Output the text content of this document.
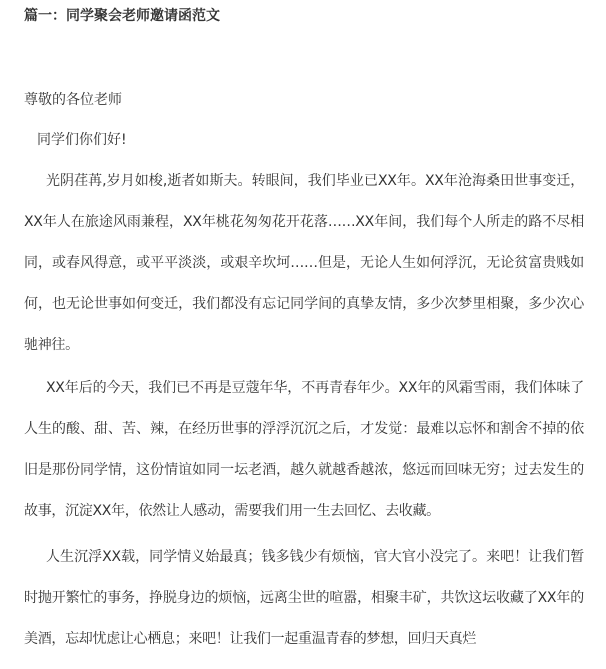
篇一：同学聚会老师邀请函范文

尊敬的各位老师

同学们你们好!

光阴荏苒,岁月如梭,逝者如斯夫。转眼间，我们毕业已XX年。XX年沧海桑田世事变迁，XX年人在旅途风雨兼程，XX年桃花匆匆花开花落……XX年间，我们每个人所走的路不尽相同，或春风得意，或平平淡淡，或艰辛坎坷……但是，无论人生如何浮沉，无论贫富贵贱如何，也无论世事如何变迁，我们都没有忘记同学间的真挚友情，多少次梦里相聚，多少次心驰神往。

XX年后的今天，我们已不再是豆蔻年华，不再青春年少。XX年的风霜雪雨，我们体味了人生的酸、甜、苦、辣，在经历世事的浮浮沉沉之后，才发觉：最难以忘怀和割舍不掉的依旧是那份同学情，这份情谊如同一坛老酒，越久就越香越浓，悠远而回味无穷；过去发生的故事，沉淀XX年，依然让人感动，需要我们用一生去回忆、去收藏。

人生沉浮XX载，同学情义始最真；钱多钱少有烦恼，官大官小没完了。来吧！让我们暂时抛开繁忙的事务，挣脱身边的烦恼，远离尘世的喧嚣，相聚丰矿，共饮这坛收藏了XX年的美酒，忘却忧虑让心栖息；来吧！让我们一起重温青春的梦想，回归天真烂
